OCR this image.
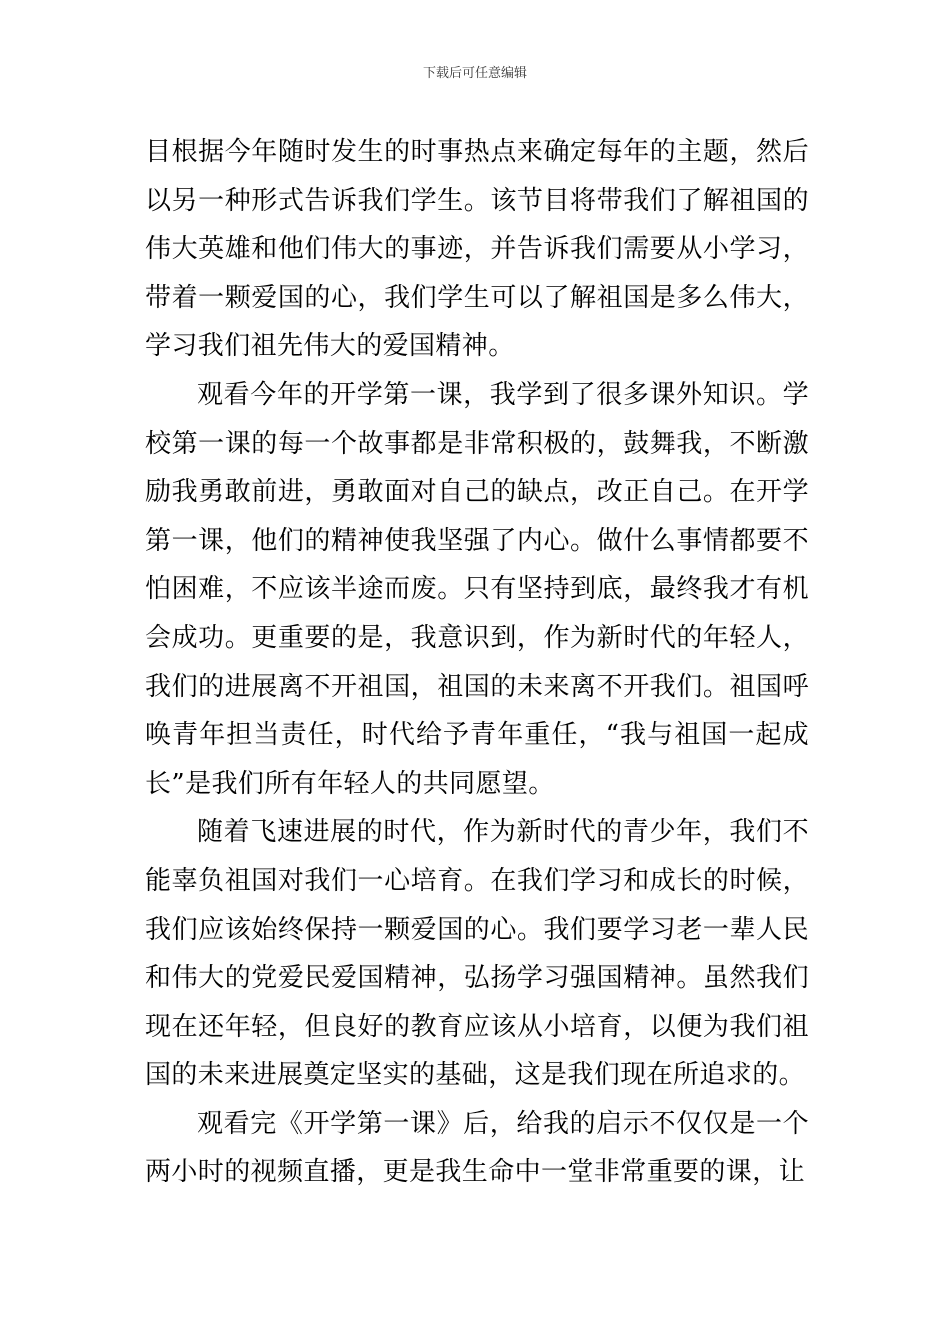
下载后可任意编辑

目根据今年随时发生的时事热点来确定每年的主题，然后以另一种形式告诉我们学生。该节目将带我们了解祖国的伟大英雄和他们伟大的事迹，并告诉我们需要从小学习，带着一颗爱国的心，我们学生可以了解祖国是多么伟大，学习我们祖先伟大的爱国精神。

观看今年的开学第一课，我学到了很多课外知识。学校第一课的每一个故事都是非常积极的，鼓舞我，不断激励我勇敢前进，勇敢面对自己的缺点，改正自己。在开学第一课，他们的精神使我坚强了内心。做什么事情都要不怕困难，不应该半途而废。只有坚持到底，最终我才有机会成功。更重要的是，我意识到，作为新时代的年轻人，我们的进展离不开祖国，祖国的未来离不开我们。祖国呼唤青年担当责任，时代给予青年重任，“我与祖国一起成长”是我们所有年轻人的共同愿望。

随着飞速进展的时代，作为新时代的青少年，我们不能辜负祖国对我们一心培育。在我们学习和成长的时候，我们应该始终保持一颗爱国的心。我们要学习老一辈人民和伟大的党爱民爱国精神，弘扬学习强国精神。虽然我们现在还年轻，但良好的教育应该从小培育，以便为我们祖国的未来进展奠定坚实的基础，这是我们现在所追求的。

观看完《开学第一课》后，给我的启示不仅仅是一个两小时的视频直播，更是我生命中一堂非常重要的课，让
